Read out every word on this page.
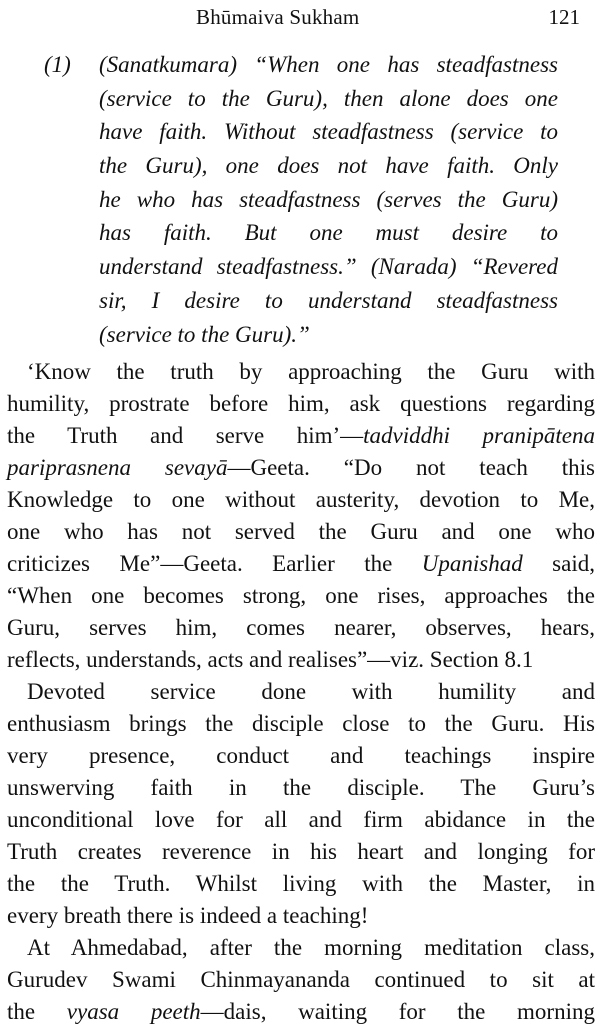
Bhūmaiva Sukham	121
(1) (Sanatkumara) “When one has steadfastness
(service to the Guru), then alone does one
have faith. Without steadfastness (service to
the Guru), one does not have faith. Only
he who has steadfastness (serves the Guru)
has faith. But one must desire to
understand steadfastness.” (Narada) “Revered
sir, I desire to understand steadfastness
(service to the Guru).”
‘Know the truth by approaching the Guru with
humility, prostrate before him, ask questions regarding
the Truth and serve him’—tadviddhi pranipātena
pariprasnena sevayā—Geeta. “Do not teach this
Knowledge to one without austerity, devotion to Me,
one who has not served the Guru and one who
criticizes Me”—Geeta. Earlier the Upanishad said,
“When one becomes strong, one rises, approaches the
Guru, serves him, comes nearer, observes, hears,
reflects, understands, acts and realises”—viz. Section 8.1
Devoted service done with humility and
enthusiasm brings the disciple close to the Guru. His
very presence, conduct and teachings inspire
unswerving faith in the disciple. The Guru’s
unconditional love for all and firm abidance in the
Truth creates reverence in his heart and longing for
the the Truth. Whilst living with the Master, in
every breath there is indeed a teaching!
At Ahmedabad, after the morning meditation class,
Gurudev Swami Chinmayananda continued to sit at
the vyasa peeth—dais, waiting for the morning
